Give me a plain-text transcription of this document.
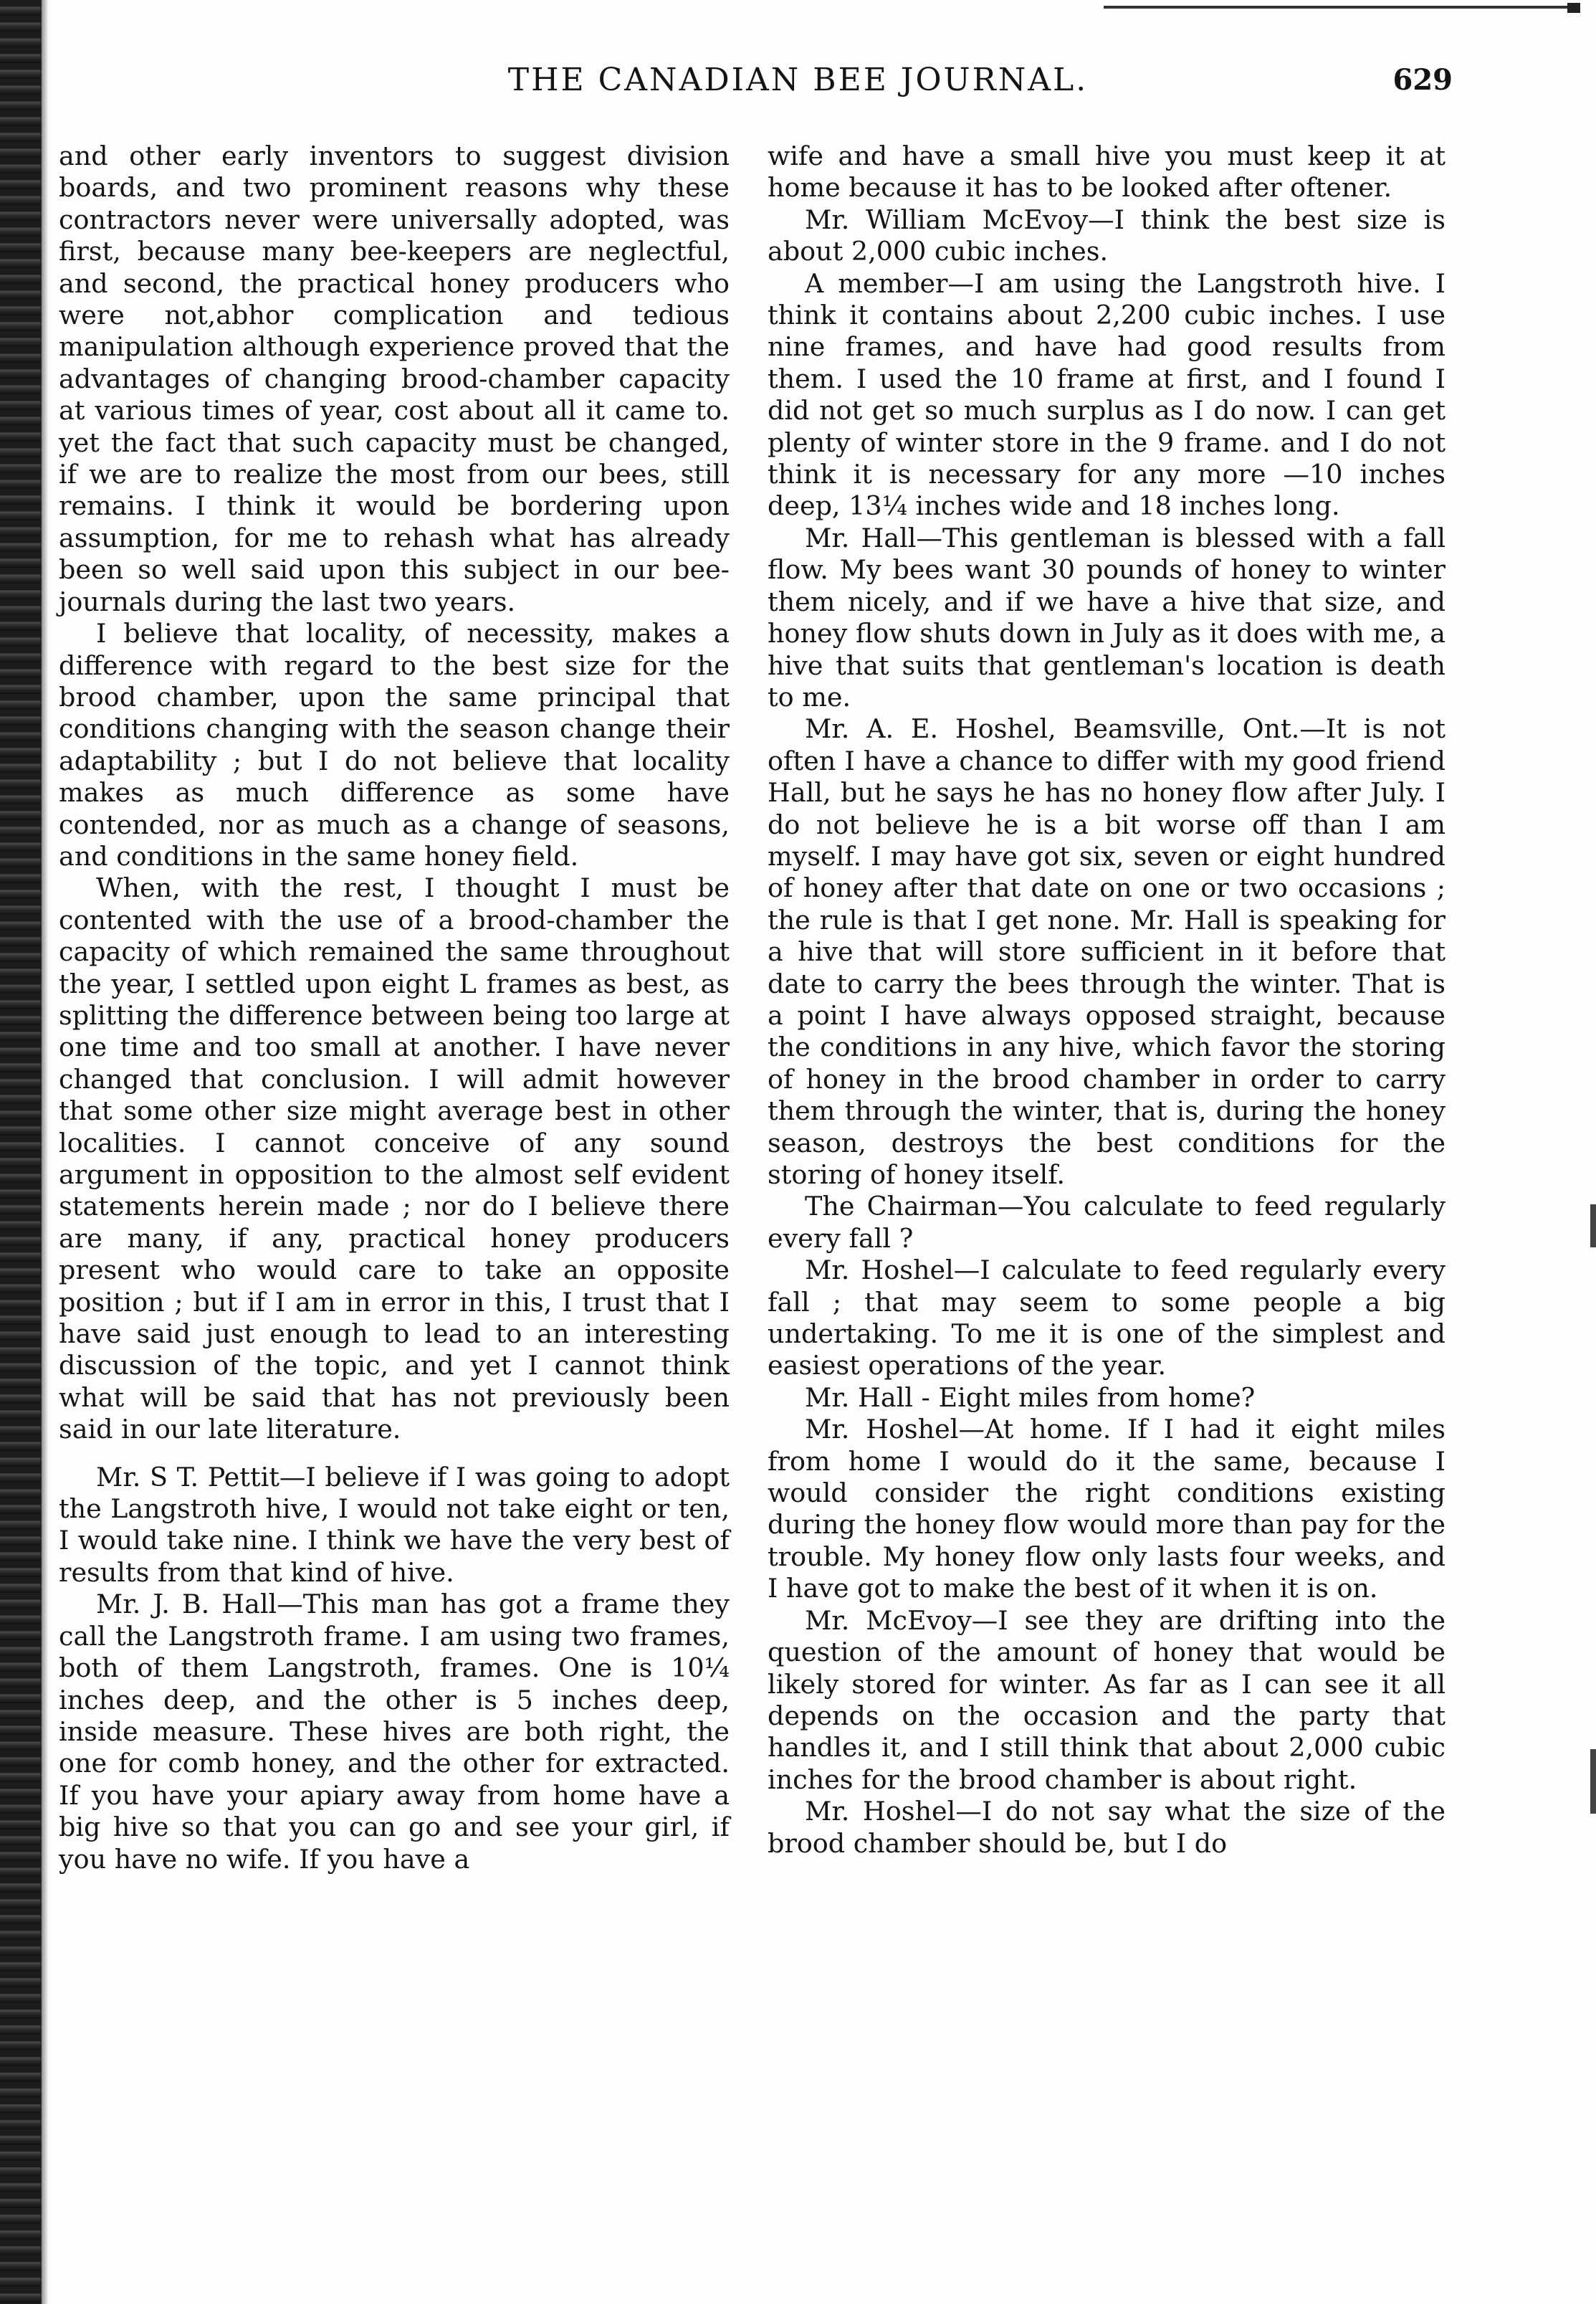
THE CANADIAN BEE JOURNAL.	629

and other early inventors to suggest division boards, and two prominent reasons why these contractors never were universally adopted, was first, because many bee-keepers are neglectful, and second, the practical honey producers who were not,abhor complication and tedious manipulation although experience proved that the advantages of changing brood-chamber capacity at various times of year, cost about all it came to. yet the fact that such capacity must be changed, if we are to realize the most from our bees, still remains. I think it would be bordering upon assumption, for me to rehash what has already been so well said upon this subject in our bee-journals during the last two years.

I believe that locality, of necessity, makes a difference with regard to the best size for the brood chamber, upon the same principal that conditions changing with the season change their adaptability ; but I do not believe that locality makes as much difference as some have contended, nor as much as a change of seasons, and conditions in the same honey field.

When, with the rest, I thought I must be contented with the use of a brood-chamber the capacity of which remained the same throughout the year, I settled upon eight L frames as best, as splitting the difference between being too large at one time and too small at another. I have never changed that conclusion. I will admit however that some other size might average best in other localities. I cannot conceive of any sound argument in opposition to the almost self evident statements herein made ; nor do I believe there are many, if any, practical honey producers present who would care to take an opposite position ; but if I am in error in this, I trust that I have said just enough to lead to an interesting discussion of the topic, and yet I cannot think what will be said that has not previously been said in our late literature.

Mr. S T. Pettit—I believe if I was going to adopt the Langstroth hive, I would not take eight or ten, I would take nine. I think we have the very best of results from that kind of hive.

Mr. J. B. Hall—This man has got a frame they call the Langstroth frame. I am using two frames, both of them Langstroth, frames. One is 10¼ inches deep, and the other is 5 inches deep, inside measure. These hives are both right, the one for comb honey, and the other for extracted. If you have your apiary away from home have a big hive so that you can go and see your girl, if you have no wife. If you have a

wife and have a small hive you must keep it at home because it has to be looked after oftener.

Mr. William McEvoy—I think the best size is about 2,000 cubic inches.

A member—I am using the Langstroth hive. I think it contains about 2,200 cubic inches. I use nine frames, and have had good results from them. I used the 10 frame at first, and I found I did not get so much surplus as I do now. I can get plenty of winter store in the 9 frame. and I do not think it is necessary for any more —10 inches deep, 13¼ inches wide and 18 inches long.

Mr. Hall—This gentleman is blessed with a fall flow. My bees want 30 pounds of honey to winter them nicely, and if we have a hive that size, and honey flow shuts down in July as it does with me, a hive that suits that gentleman's location is death to me.

Mr. A. E. Hoshel, Beamsville, Ont.—It is not often I have a chance to differ with my good friend Hall, but he says he has no honey flow after July. I do not believe he is a bit worse off than I am myself. I may have got six, seven or eight hundred of honey after that date on one or two occasions ; the rule is that I get none. Mr. Hall is speaking for a hive that will store sufficient in it before that date to carry the bees through the winter. That is a point I have always opposed straight, because the conditions in any hive, which favor the storing of honey in the brood chamber in order to carry them through the winter, that is, during the honey season, destroys the best conditions for the storing of honey itself.

The Chairman—You calculate to feed regularly every fall ?

Mr. Hoshel—I calculate to feed regularly every fall ; that may seem to some people a big undertaking. To me it is one of the simplest and easiest operations of the year.

Mr. Hall - Eight miles from home?

Mr. Hoshel—At home. If I had it eight miles from home I would do it the same, because I would consider the right conditions existing during the honey flow would more than pay for the trouble. My honey flow only lasts four weeks, and I have got to make the best of it when it is on.

Mr. McEvoy—I see they are drifting into the question of the amount of honey that would be likely stored for winter. As far as I can see it all depends on the occasion and the party that handles it, and I still think that about 2,000 cubic inches for the brood chamber is about right.

Mr. Hoshel—I do not say what the size of the brood chamber should be, but I do
